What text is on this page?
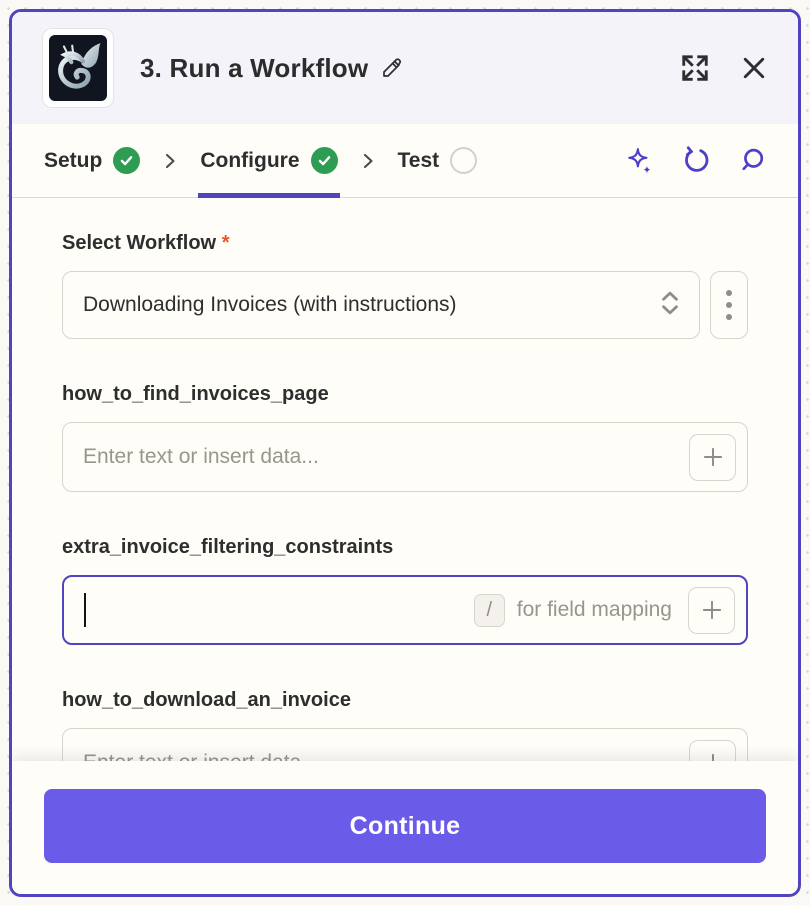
3. Run a Workflow
Setup	Configure	Test
Select Workflow *
Downloading Invoices (with instructions)
how_to_find_invoices_page
Enter text or insert data...
extra_invoice_filtering_constraints
/	for field mapping
how_to_download_an_invoice
Enter text or insert data...
Continue
